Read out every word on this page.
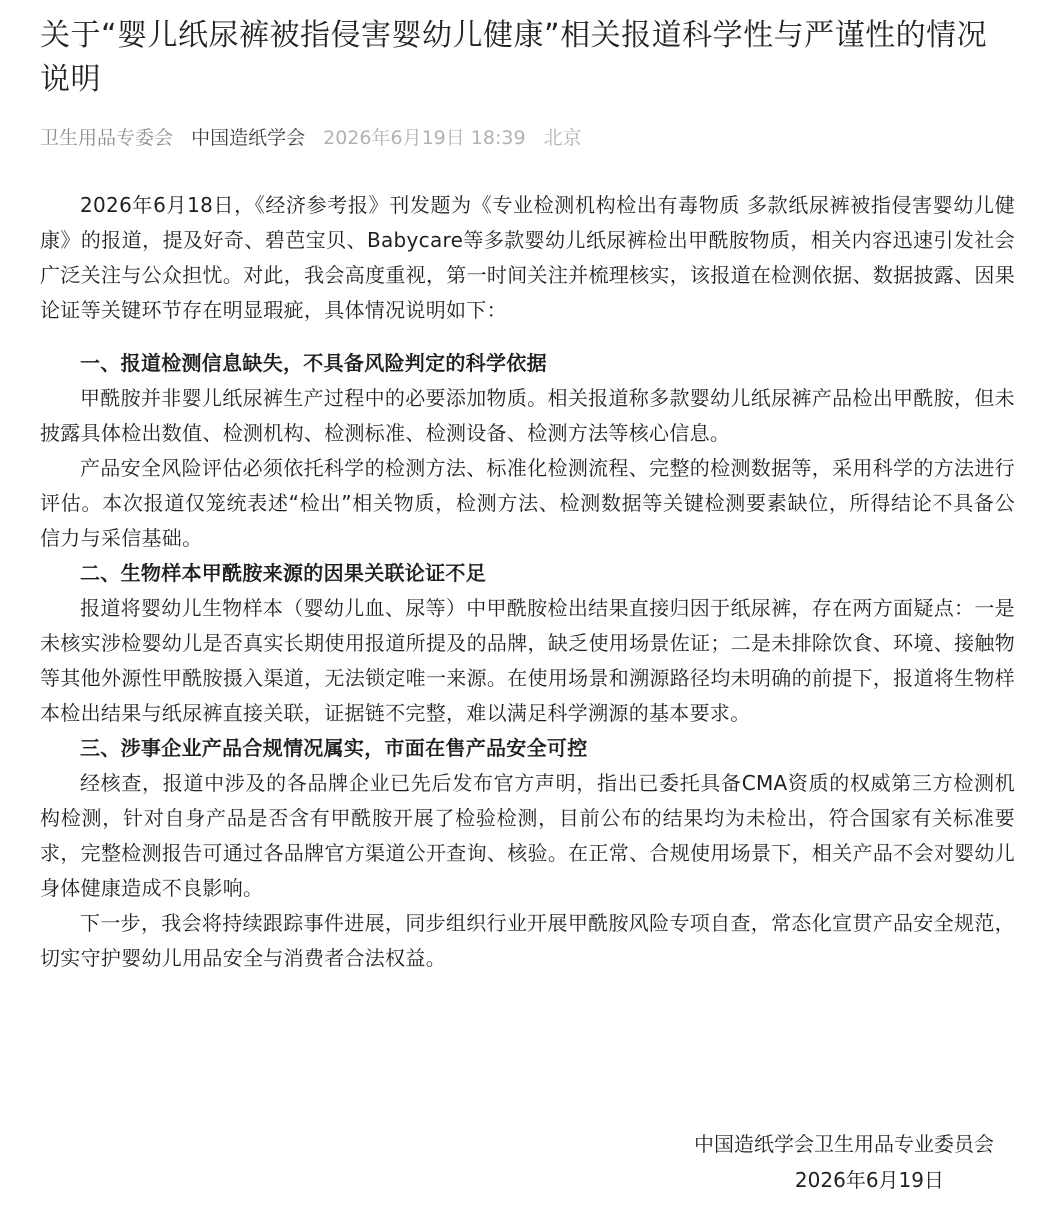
关于“婴儿纸尿裤被指侵害婴幼儿健康”相关报道科学性与严谨性的情况说明
卫生用品专委会 中国造纸学会 2026年6月19日 18:39 北京

2026年6月18日，《经济参考报》刊发题为《专业检测机构检出有毒物质 多款纸尿裤被指侵害婴幼儿健康》的报道，提及好奇、碧芭宝贝、Babycare等多款婴幼儿纸尿裤检出甲酰胺物质，相关内容迅速引发社会广泛关注与公众担忧。对此，我会高度重视，第一时间关注并梳理核实，该报道在检测依据、数据披露、因果论证等关键环节存在明显瑕疵，具体情况说明如下：

一、报道检测信息缺失，不具备风险判定的科学依据

甲酰胺并非婴儿纸尿裤生产过程中的必要添加物质。相关报道称多款婴幼儿纸尿裤产品检出甲酰胺，但未披露具体检出数值、检测机构、检测标准、检测设备、检测方法等核心信息。

产品安全风险评估必须依托科学的检测方法、标准化检测流程、完整的检测数据等，采用科学的方法进行评估。本次报道仅笼统表述“检出”相关物质，检测方法、检测数据等关键检测要素缺位，所得结论不具备公信力与采信基础。

二、生物样本甲酰胺来源的因果关联论证不足

报道将婴幼儿生物样本（婴幼儿血、尿等）中甲酰胺检出结果直接归因于纸尿裤，存在两方面疑点：一是未核实涉检婴幼儿是否真实长期使用报道所提及的品牌，缺乏使用场景佐证；二是未排除饮食、环境、接触物等其他外源性甲酰胺摄入渠道，无法锁定唯一来源。在使用场景和溯源路径均未明确的前提下，报道将生物样本检出结果与纸尿裤直接关联，证据链不完整，难以满足科学溯源的基本要求。

三、涉事企业产品合规情况属实，市面在售产品安全可控

经核查，报道中涉及的各品牌企业已先后发布官方声明，指出已委托具备CMA资质的权威第三方检测机构检测，针对自身产品是否含有甲酰胺开展了检验检测，目前公布的结果均为未检出，符合国家有关标准要求，完整检测报告可通过各品牌官方渠道公开查询、核验。在正常、合规使用场景下，相关产品不会对婴幼儿身体健康造成不良影响。

下一步，我会将持续跟踪事件进展，同步组织行业开展甲酰胺风险专项自查，常态化宣贯产品安全规范，切实守护婴幼儿用品安全与消费者合法权益。

中国造纸学会卫生用品专业委员会
2026年6月19日
